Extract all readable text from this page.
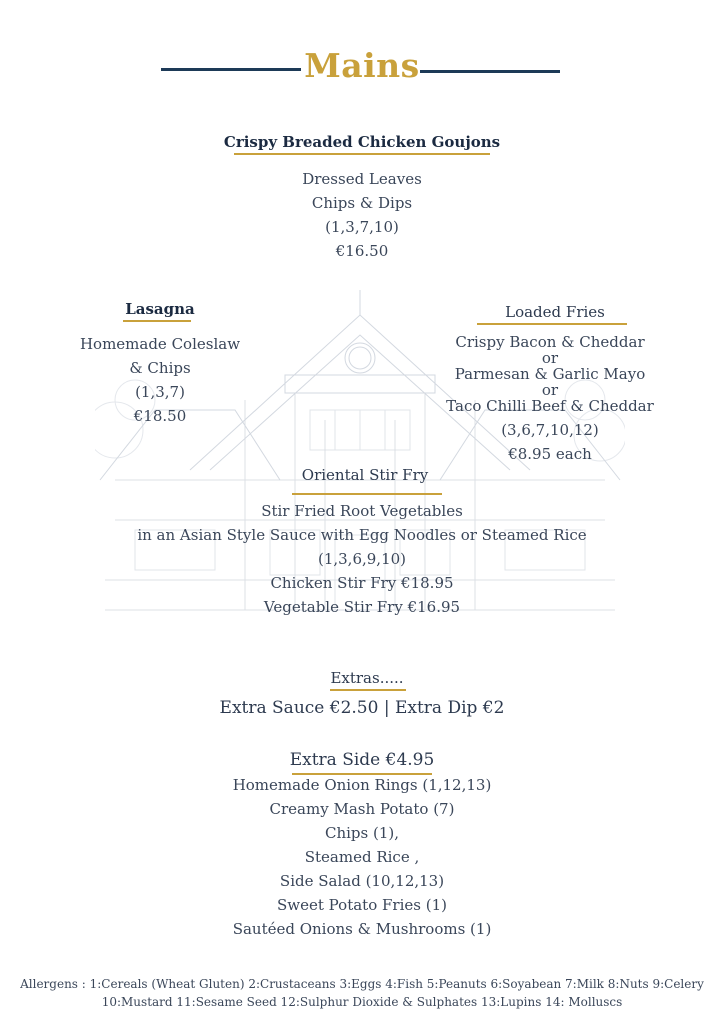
Mains
Crispy Breaded Chicken Goujons
Dressed Leaves
Chips & Dips
(1,3,7,10)
€16.50
Lasagna
Homemade Coleslaw
& Chips
(1,3,7)
€18.50
Loaded Fries
Crispy Bacon & Cheddar
or
Parmesan & Garlic Mayo
or
Taco Chilli Beef & Cheddar
(3,6,7,10,12)
€8.95 each
Oriental Stir Fry
Stir Fried Root Vegetables
in an Asian Style Sauce with Egg Noodles or Steamed Rice
(1,3,6,9,10)
Chicken Stir Fry €18.95
Vegetable Stir Fry €16.95
Extras.....
Extra Sauce €2.50 | Extra Dip €2
Extra Side €4.95
Homemade Onion Rings (1,12,13)
Creamy Mash Potato (7)
Chips (1),
Steamed Rice ,
Side Salad (10,12,13)
Sweet Potato Fries (1)
Sautéed Onions & Mushrooms (1)
Allergens : 1:Cereals (Wheat Gluten) 2:Crustaceans 3:Eggs 4:Fish 5:Peanuts 6:Soyabean 7:Milk 8:Nuts 9:Celery
10:Mustard 11:Sesame Seed 12:Sulphur Dioxide & Sulphates 13:Lupins 14: Molluscs
